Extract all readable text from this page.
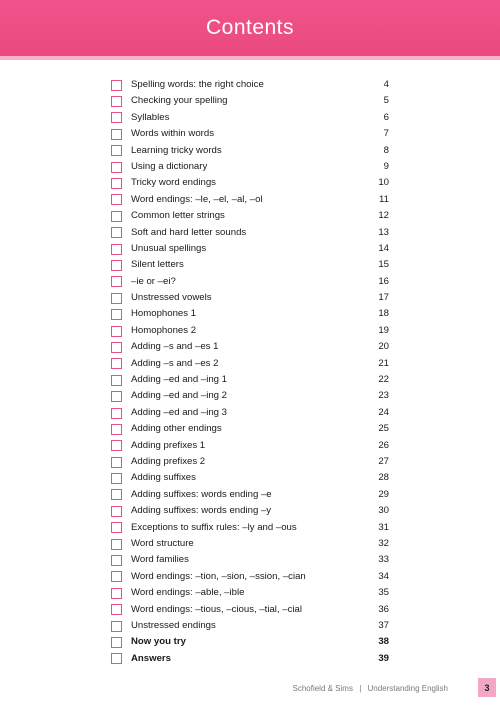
Contents
Spelling words: the right choice	4
Checking your spelling	5
Syllables	6
Words within words	7
Learning tricky words	8
Using a dictionary	9
Tricky word endings	10
Word endings: –le, –el, –al, –ol	11
Common letter strings	12
Soft and hard letter sounds	13
Unusual spellings	14
Silent letters	15
–ie or –ei?	16
Unstressed vowels	17
Homophones 1	18
Homophones 2	19
Adding –s and –es 1	20
Adding –s and –es 2	21
Adding –ed and –ing 1	22
Adding –ed and –ing 2	23
Adding –ed and –ing 3	24
Adding other endings	25
Adding prefixes 1	26
Adding prefixes 2	27
Adding suffixes	28
Adding suffixes: words ending –e	29
Adding suffixes: words ending –y	30
Exceptions to suffix rules: –ly and –ous	31
Word structure	32
Word families	33
Word endings: –tion, –sion, –ssion, –cian	34
Word endings: –able, –ible	35
Word endings: –tious, –cious, –tial, –cial	36
Unstressed endings	37
Now you try	38
Answers	39
Schofield & Sims | Understanding English	3
